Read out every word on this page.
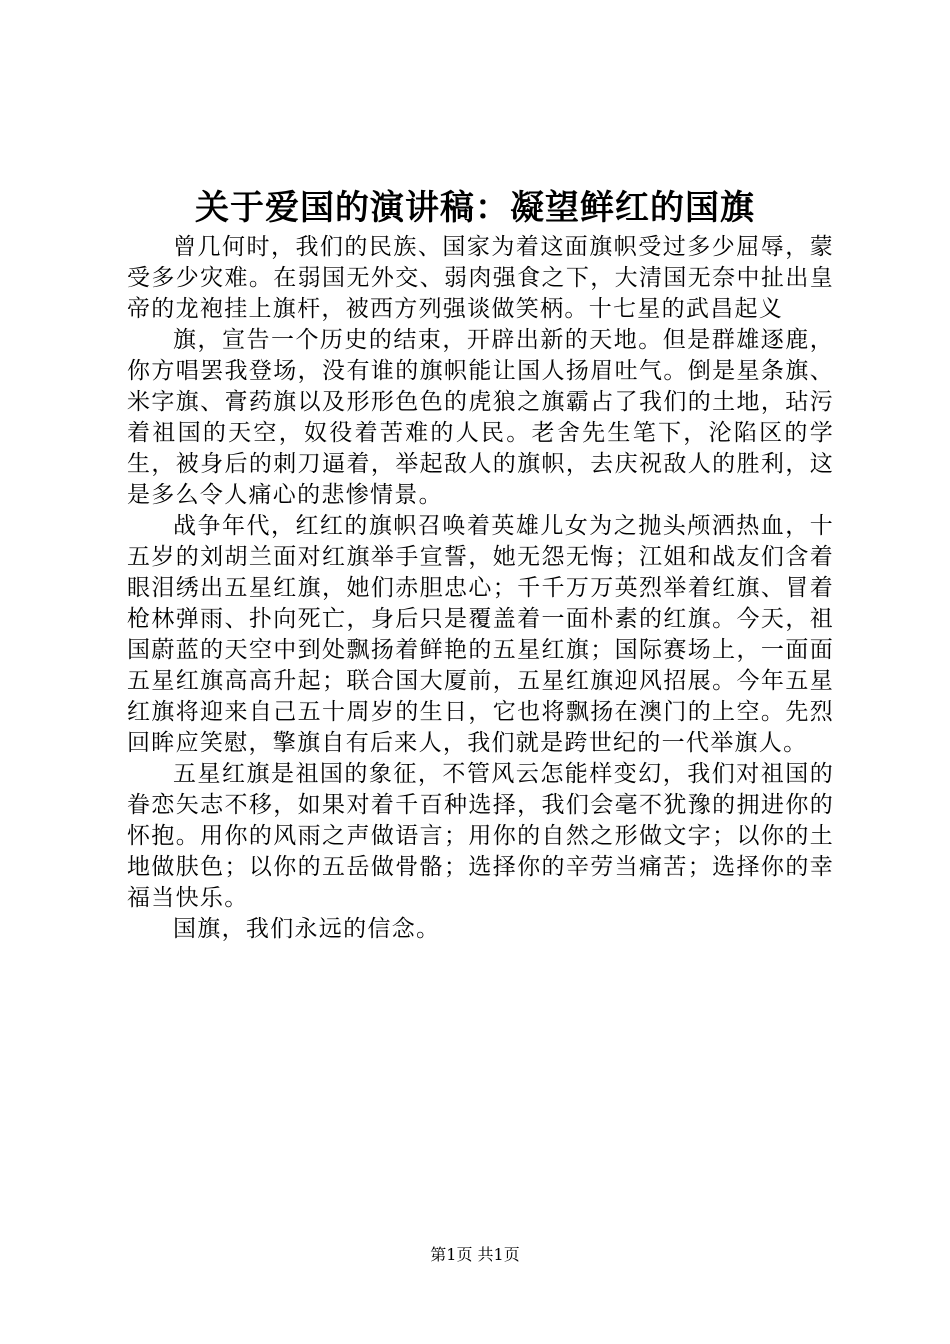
关于爱国的演讲稿：凝望鲜红的国旗

曾几何时，我们的民族、国家为着这面旗帜受过多少屈辱，蒙受多少灾难。在弱国无外交、弱肉强食之下，大清国无奈中扯出皇帝的龙袍挂上旗杆，被西方列强谈做笑柄。十七星的武昌起义

旗，宣告一个历史的结束，开辟出新的天地。但是群雄逐鹿，你方唱罢我登场，没有谁的旗帜能让国人扬眉吐气。倒是星条旗、米字旗、膏药旗以及形形色色的虎狼之旗霸占了我们的土地，玷污着祖国的天空，奴役着苦难的人民。老舍先生笔下，沦陷区的学生，被身后的刺刀逼着，举起敌人的旗帜，去庆祝敌人的胜利，这是多么令人痛心的悲惨情景。

战争年代，红红的旗帜召唤着英雄儿女为之抛头颅洒热血，十五岁的刘胡兰面对红旗举手宣誓，她无怨无悔；江姐和战友们含着眼泪绣出五星红旗，她们赤胆忠心；千千万万英烈举着红旗、冒着枪林弹雨、扑向死亡，身后只是覆盖着一面朴素的红旗。今天，祖国蔚蓝的天空中到处飘扬着鲜艳的五星红旗；国际赛场上，一面面五星红旗高高升起；联合国大厦前，五星红旗迎风招展。今年五星红旗将迎来自己五十周岁的生日，它也将飘扬在澳门的上空。先烈回眸应笑慰，擎旗自有后来人，我们就是跨世纪的一代举旗人。

五星红旗是祖国的象征，不管风云怎能样变幻，我们对祖国的眷恋矢志不移，如果对着千百种选择，我们会毫不犹豫的拥进你的怀抱。用你的风雨之声做语言；用你的自然之形做文字；以你的土地做肤色；以你的五岳做骨骼；选择你的辛劳当痛苦；选择你的幸福当快乐。

国旗，我们永远的信念。

第1页 共1页
